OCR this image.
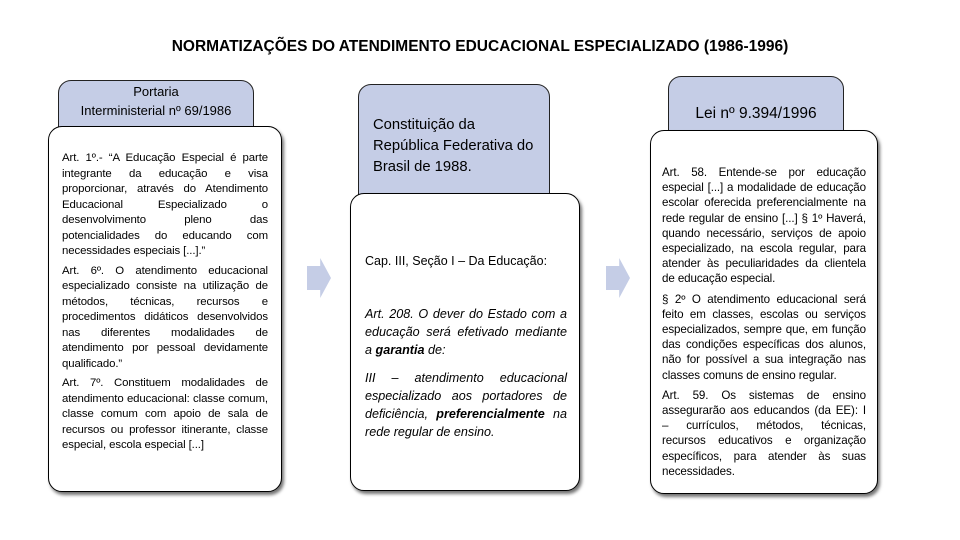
NORMATIZAÇÕES DO ATENDIMENTO EDUCACIONAL ESPECIALIZADO (1986-1996)
Portaria
Interministerial nº 69/1986

Art. 1º.- “A Educação Especial é parte integrante da educação e visa proporcionar, através do Atendimento Educacional Especializado o desenvolvimento pleno das potencialidades do educando com necessidades especiais [...].”

Art. 6º. O atendimento educacional especializado consiste na utilização de métodos, técnicas, recursos e procedimentos didáticos desenvolvidos nas diferentes modalidades de atendimento por pessoal devidamente qualificado.”

Art. 7º. Constituem modalidades de atendimento educacional: classe comum, classe comum com apoio de sala de recursos ou professor itinerante, classe especial, escola especial [...]

Constituição da República Federativa do Brasil de 1988.

Cap. III, Seção I – Da Educação:

Art. 208. O dever do Estado com a educação será efetivado mediante a garantia de:

III – atendimento educacional especializado aos portadores de deficiência, preferencialmente na rede regular de ensino.

Lei nº 9.394/1996

Art. 58. Entende-se por educação especial [...] a modalidade de educação escolar oferecida preferencialmente na rede regular de ensino [...] § 1º Haverá, quando necessário, serviços de apoio especializado, na escola regular, para atender às peculiaridades da clientela de educação especial.

§ 2º O atendimento educacional será feito em classes, escolas ou serviços especializados, sempre que, em função das condições específicas dos alunos, não for possível a sua integração nas classes comuns de ensino regular.

Art. 59. Os sistemas de ensino assegurarão aos educandos (da EE): I – currículos, métodos, técnicas, recursos educativos e organização específicos, para atender às suas necessidades.
